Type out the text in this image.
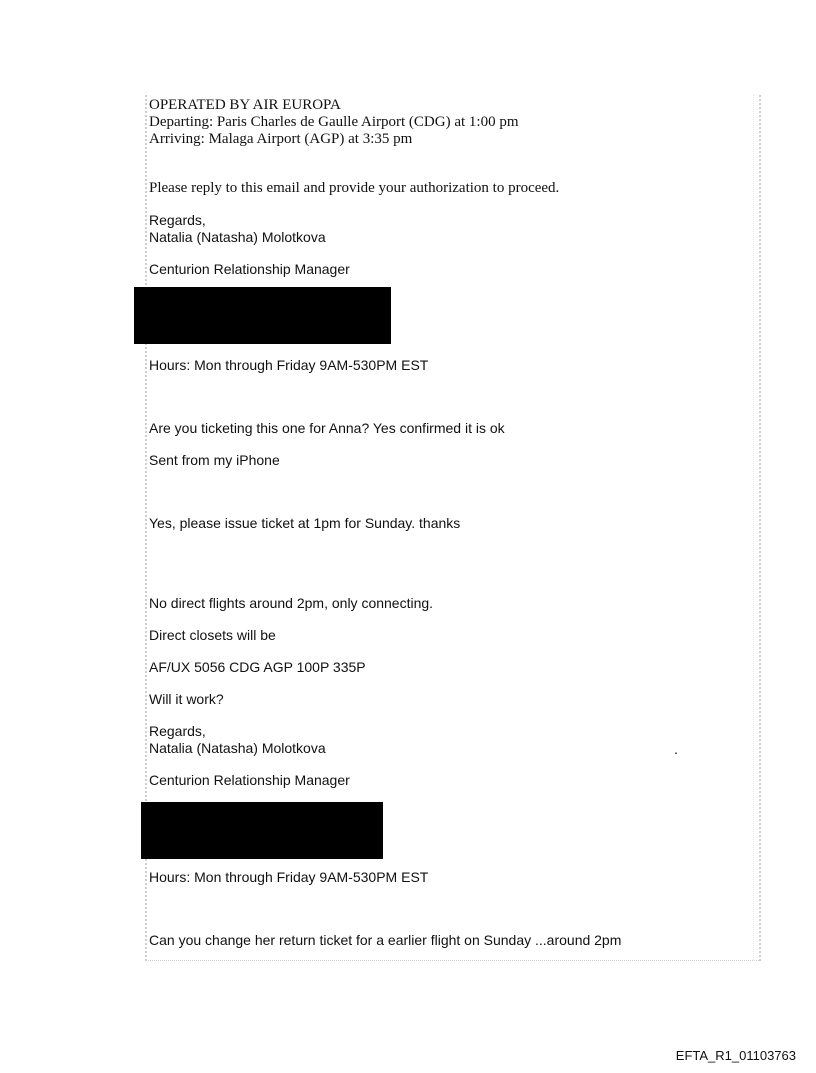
OPERATED BY AIR EUROPA
Departing: Paris Charles de Gaulle Airport (CDG) at 1:00 pm
Arriving: Malaga Airport (AGP) at 3:35 pm
Please reply to this email and provide your authorization to proceed.
Regards,
Natalia (Natasha) Molotkova
Centurion Relationship Manager
Hours: Mon through Friday 9AM-530PM EST
Are you ticketing this one for Anna? Yes confirmed it is ok
Sent from my iPhone
Yes, please issue ticket at 1pm for Sunday. thanks
No direct flights around 2pm, only connecting.
Direct closets will be
AF/UX 5056 CDG AGP 100P 335P
Will it work?
Regards,
Natalia (Natasha) Molotkova	.
Centurion Relationship Manager
Hours: Mon through Friday 9AM-530PM EST
Can you change her return ticket for a earlier flight on Sunday ...around 2pm
EFTA_R1_01103763
